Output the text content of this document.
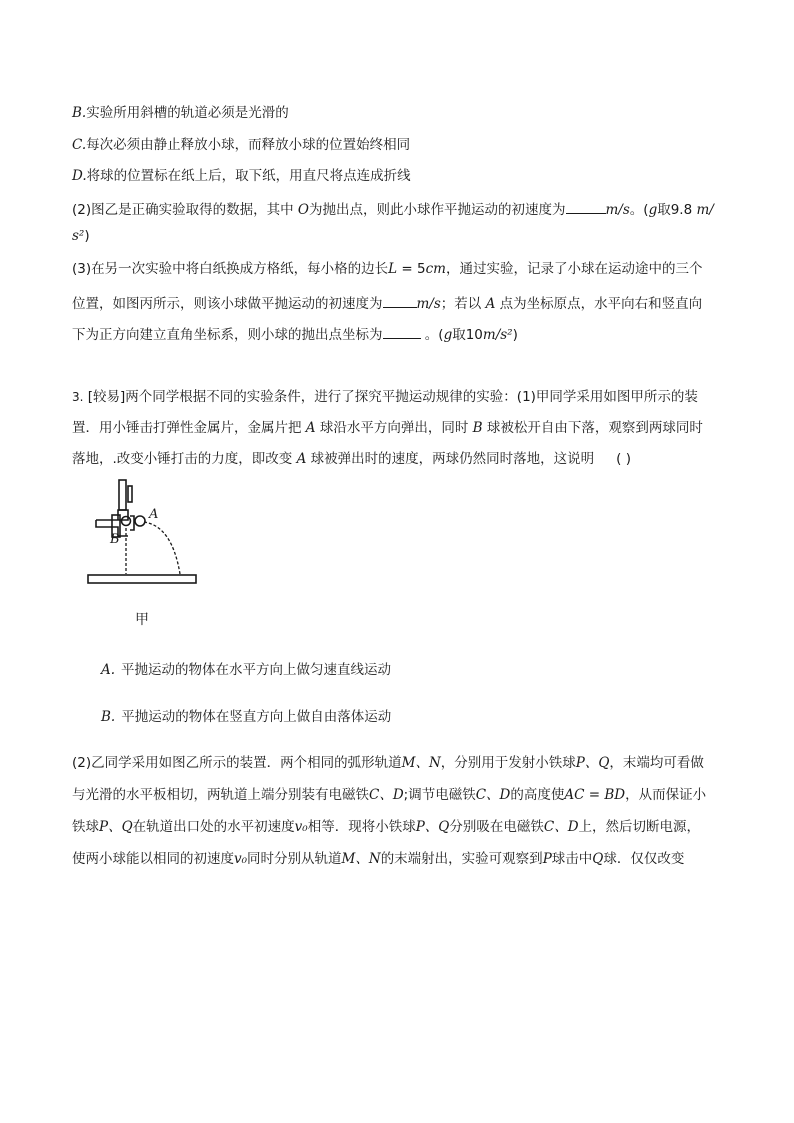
B.实验所用斜槽的轨道必须是光滑的
C.每次必须由静止释放小球，而释放小球的位置始终相同
D.将球的位置标在纸上后，取下纸，用直尺将点连成折线
(2)图乙是正确实验取得的数据，其中 O为抛出点，则此小球作平抛运动的初速度为	m/s。(g取9.8 m/
s²)
(3)在另一次实验中将白纸换成方格纸，每小格的边长L = 5cm，通过实验，记录了小球在运动途中的三个
位置，如图丙所示，则该小球做平抛运动的初速度为	m/s；若以 A 点为坐标原点，水平向右和竖直向
下为正方向建立直角坐标系，则小球的抛出点坐标为	。(g取10m/s²)
3. [较易]两个同学根据不同的实验条件，进行了探究平抛运动规律的实验：(1)甲同学采用如图甲所示的装
置．用小锤击打弹性金属片，金属片把 A 球沿水平方向弹出，同时 B 球被松开自由下落，观察到两球同时
落地，.改变小锤打击的力度，即改变 A 球被弹出时的速度，两球仍然同时落地，这说明 ( )
A
B
甲
A. 平抛运动的物体在水平方向上做匀速直线运动
B. 平抛运动的物体在竖直方向上做自由落体运动
(2)乙同学采用如图乙所示的装置．两个相同的弧形轨道M、N，分别用于发射小铁球P、Q，末端均可看做
与光滑的水平板相切，两轨道上端分别装有电磁铁C、D;调节电磁铁C、D的高度使AC = BD，从而保证小
铁球P、Q在轨道出口处的水平初速度v₀相等．现将小铁球P、Q分别吸在电磁铁C、D上，然后切断电源，
使两小球能以相同的初速度v₀同时分别从轨道M、N的末端射出，实验可观察到P球击中Q球．仅仅改变
